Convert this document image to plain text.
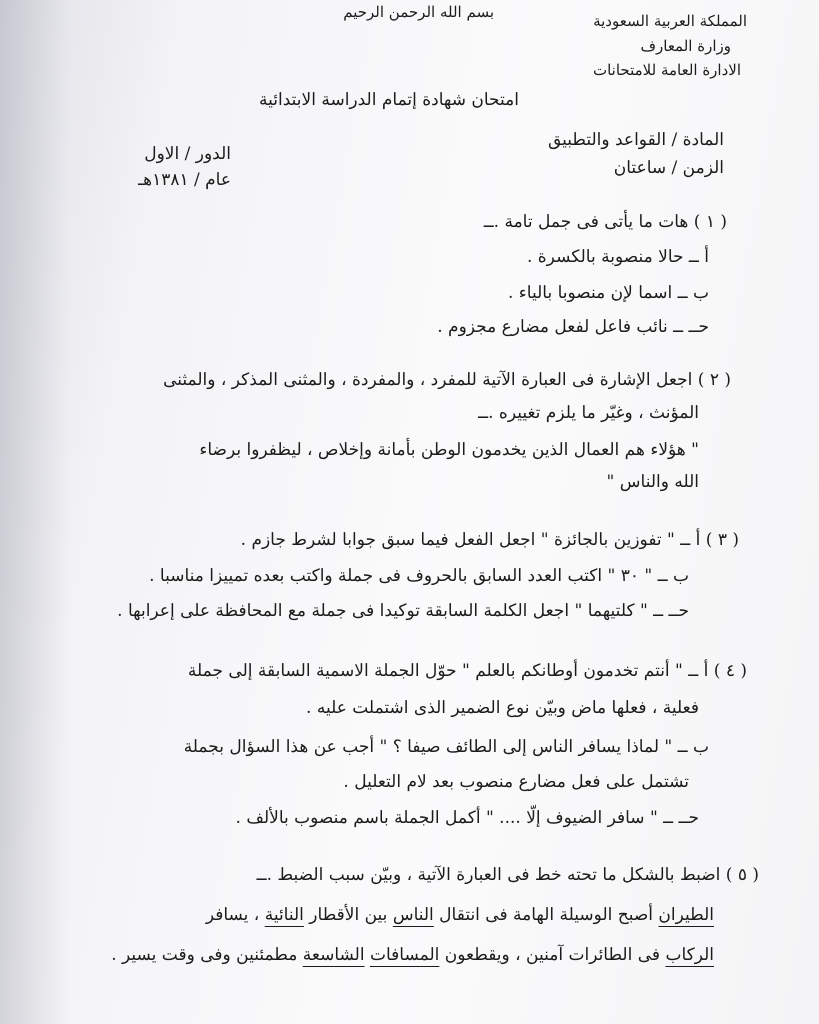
بسم الله الرحمن الرحيم	المملكة العربية السعودية
وزارة المعارف
الادارة العامة للامتحانات
امتحان شهادة إتمام الدراسة الابتدائية
المادة / القواعد والتطبيق
الزمن / ساعتان
الدور / الاول
عام / ١٣٨١هـ
( ١ ) هات ما يأتى فى جمل تامة .ــ
أ ــ حالا منصوبة بالكسرة .
ب ــ اسما لإن منصوبا بالياء .
حــ ــ نائب فاعل لفعل مضارع مجزوم .
( ٢ ) اجعل الإشارة فى العبارة الآتية للمفرد ، والمفردة ، والمثنى المذكر ، والمثنى
المؤنث ، وغيّر ما يلزم تغييره .ــ
" هؤلاء هم العمال الذين يخدمون الوطن بأمانة وإخلاص ، ليظفروا برضاء
الله والناس "
( ٣ ) أ ــ " تفوزين بالجائزة " اجعل الفعل فيما سبق جوابا لشرط جازم .
ب ــ " ٣٠ " اكتب العدد السابق بالحروف فى جملة واكتب بعده تمييزا مناسبا .
حــ ــ " كلتيهما " اجعل الكلمة السابقة توكيدا فى جملة مع المحافظة على إعرابها .
( ٤ ) أ ــ " أنتم تخدمون أوطانكم بالعلم " حوّل الجملة الاسمية السابقة إلى جملة
فعلية ، فعلها ماض وبيّن نوع الضمير الذى اشتملت عليه .
ب ــ " لماذا يسافر الناس إلى الطائف صيفا ؟ " أجب عن هذا السؤال بجملة
تشتمل على فعل مضارع منصوب بعد لام التعليل .
حــ ــ " سافر الضيوف إلّا .... " أكمل الجملة باسم منصوب بالألف .
( ٥ ) اضبط بالشكل ما تحته خط فى العبارة الآتية ، وبيّن سبب الضبط .ــ
الطيران أصبح الوسيلة الهامة فى انتقال الناس بين الأقطار النائية ، يسافر
الركاب فى الطائرات آمنين ، ويقطعون المسافات الشاسعة مطمئنين وفى وقت يسير .
